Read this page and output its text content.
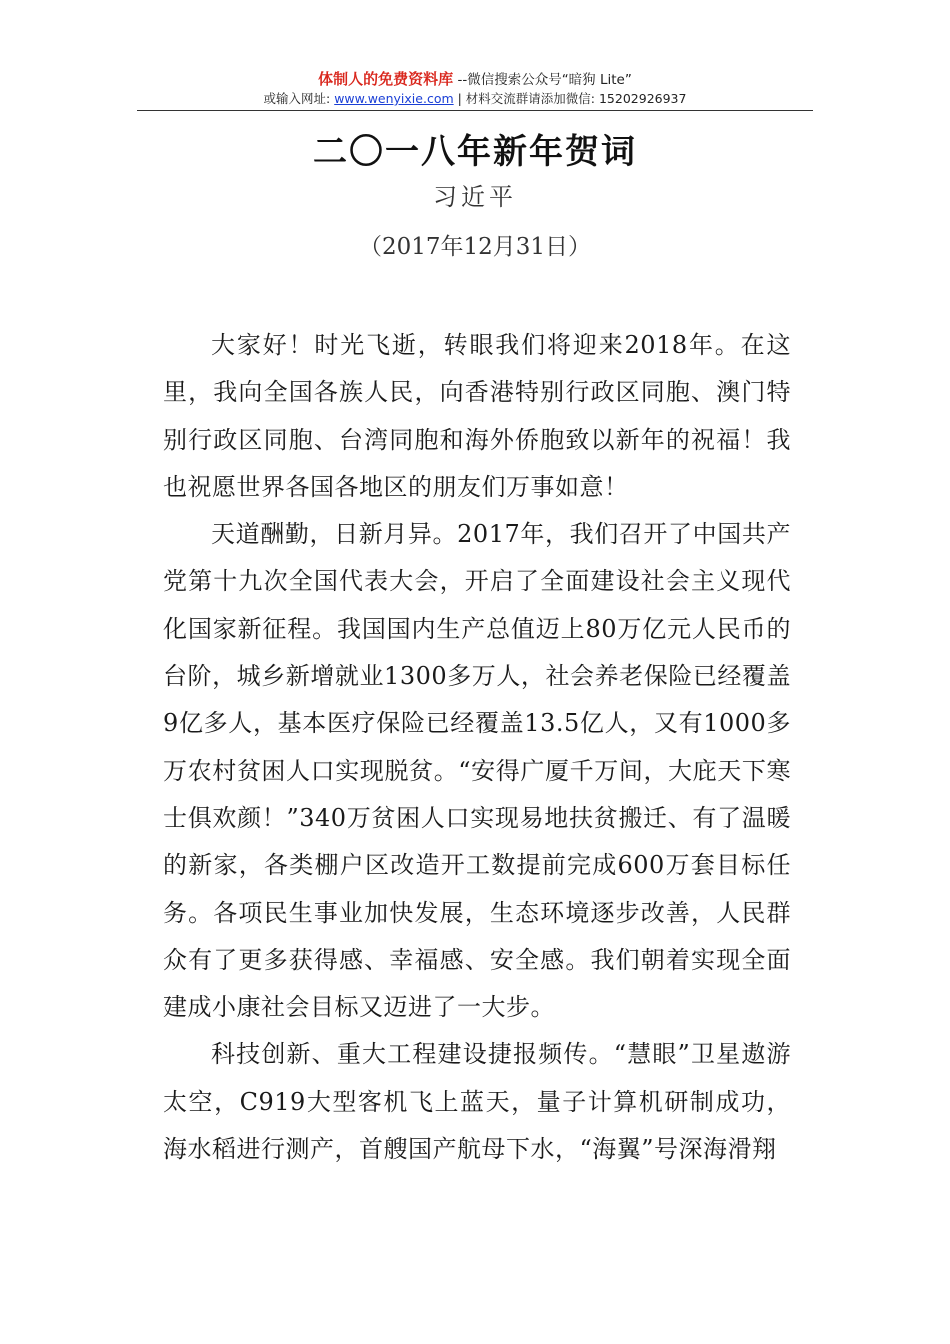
体制人的免费资料库 --微信搜索公众号“暗狗 Lite”
或输入网址: www.wenyixie.com | 材料交流群请添加微信: 15202926937
二〇一八年新年贺词
习近平
（2017年12月31日）

大家好！时光飞逝，转眼我们将迎来2018年。在这里，我向全国各族人民，向香港特别行政区同胞、澳门特别行政区同胞、台湾同胞和海外侨胞致以新年的祝福！我也祝愿世界各国各地区的朋友们万事如意！

天道酬勤，日新月异。2017年，我们召开了中国共产党第十九次全国代表大会，开启了全面建设社会主义现代化国家新征程。我国国内生产总值迈上80万亿元人民币的台阶，城乡新增就业1300多万人，社会养老保险已经覆盖9亿多人，基本医疗保险已经覆盖13.5亿人，又有1000多万农村贫困人口实现脱贫。“安得广厦千万间，大庇天下寒士俱欢颜！”340万贫困人口实现易地扶贫搬迁、有了温暖的新家，各类棚户区改造开工数提前完成600万套目标任务。各项民生事业加快发展，生态环境逐步改善，人民群众有了更多获得感、幸福感、安全感。我们朝着实现全面建成小康社会目标又迈进了一大步。

科技创新、重大工程建设捷报频传。“慧眼”卫星遨游太空，C919大型客机飞上蓝天，量子计算机研制成功，海水稻进行测产，首艘国产航母下水，“海翼”号深海滑翔
